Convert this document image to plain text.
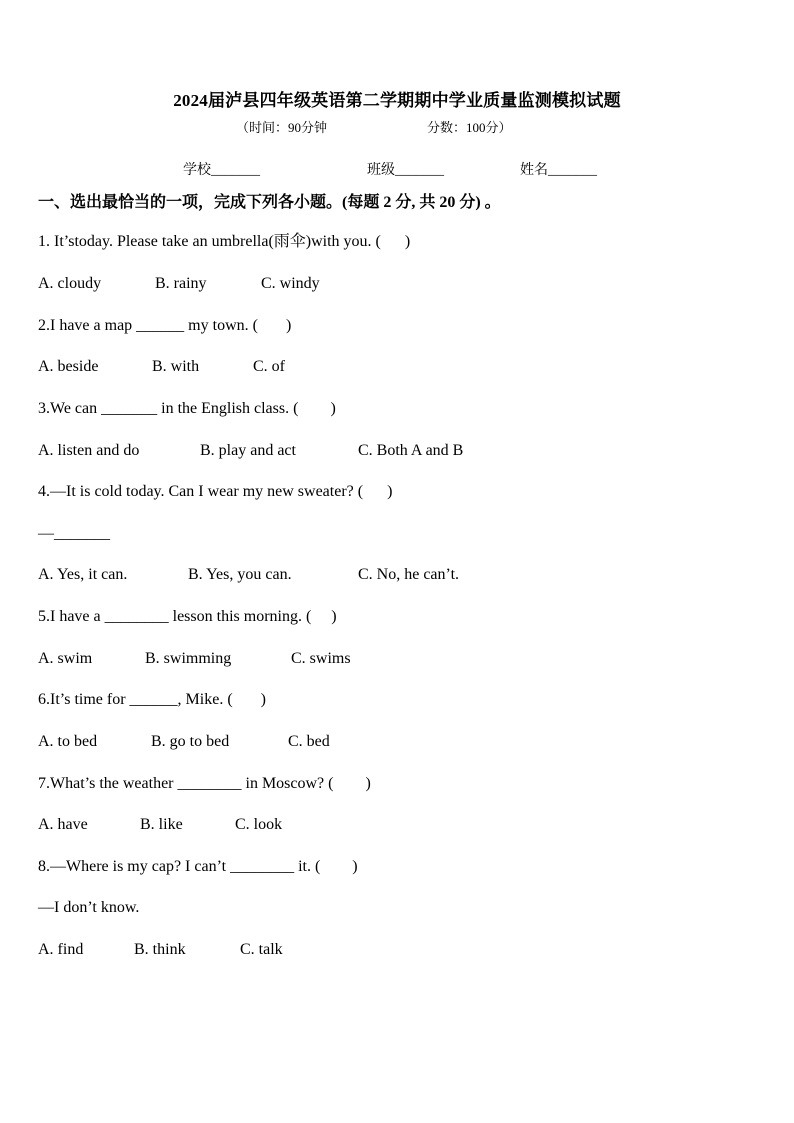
2024届泸县四年级英语第二学期期中学业质量监测模拟试题
（时间：90分钟	分数：100分）
学校_______	班级_______	姓名_______
一、选出最恰当的一项，完成下列各小题。(每题 2 分, 共 20 分) 。
1. It’stoday. Please take an umbrella(雨伞)with you. (      )
A. cloudy	B. rainy	C. windy
2.I have a map ______ my town. (       )
A. beside	B. with	C. of
3.We can _______ in the English class. (        )
A. listen and do	B. play and act	C. Both A and B
4.—It is cold today. Can I wear my new sweater? (      )
—_______
A. Yes, it can.	B. Yes, you can.	C. No, he can’t.
5.I have a ________ lesson this morning. (     )
A. swim	B. swimming	C. swims
6.It’s time for ______, Mike. (       )
A. to bed	B. go to bed	C. bed
7.What’s the weather ________ in Moscow? (        )
A. have	B. like	C. look
8.—Where is my cap? I can’t ________ it. (        )
—I don’t know.
A. find	B. think	C. talk
